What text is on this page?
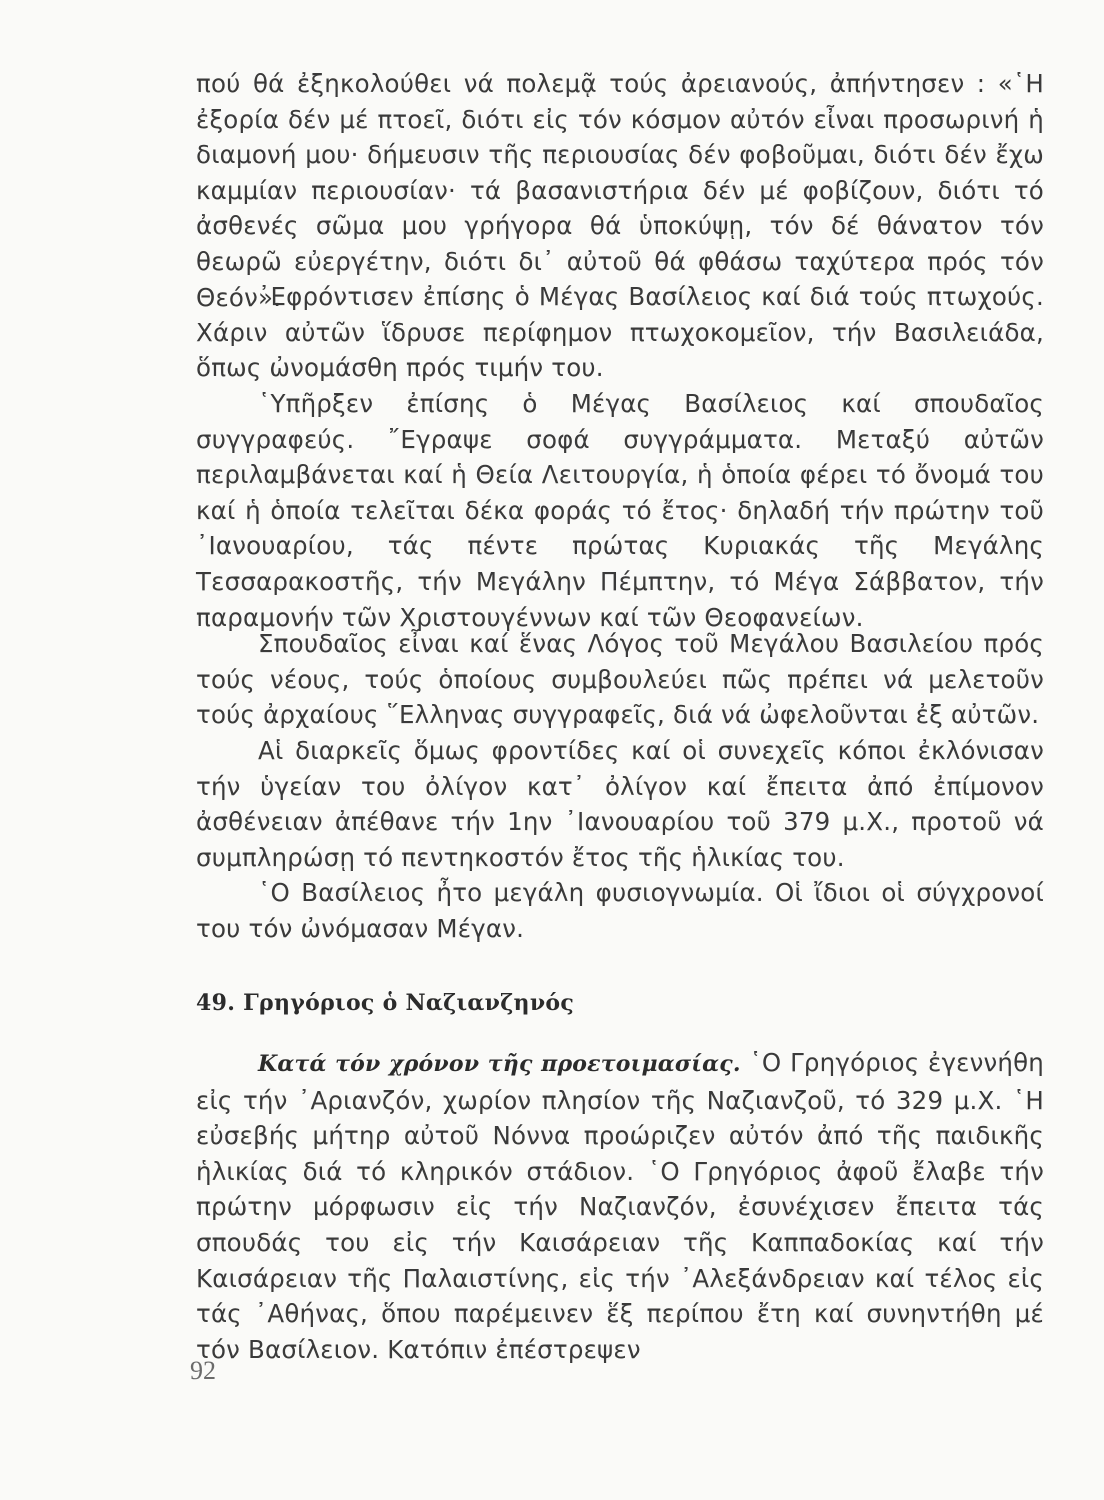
πού θά ἐξηκολούθει νά πολεμᾷ τούς ἀρειανούς, ἀπήντησεν : «῾Η ἐξορία δέν μέ πτοεῖ, διότι εἰς τόν κόσμον αὐτόν εἶναι προσωρινή ἡ διαμονή μου· δήμευσιν τῆς περιουσίας δέν φοβοῦμαι, διότι δέν ἔχω καμμίαν περιουσίαν· τά βασανιστήρια δέν μέ φοβίζουν, διότι τό ἀσθενές σῶμα μου γρήγορα θά ὑποκύψῃ, τόν δέ θάνατον τόν θεωρῶ εὐεργέτην, διότι δι᾿ αὐτοῦ θά φθάσω ταχύτερα πρός τόν Θεόν».

᾿Εφρόντισεν ἐπίσης ὁ Μέγας Βασίλειος καί διά τούς πτωχούς. Χάριν αὐτῶν ἵδρυσε περίφημον πτωχοκομεῖον, τήν Βασιλειάδα, ὅπως ὠνομάσθη πρός τιμήν του.

῾Υπῆρξεν ἐπίσης ὁ Μέγας Βασίλειος καί σπουδαῖος συγγραφεύς. ῎Εγραψε σοφά συγγράμματα. Μεταξύ αὐτῶν περιλαμβάνεται καί ἡ Θεία Λειτουργία, ἡ ὁποία φέρει τό ὄνομά του καί ἡ ὁποία τελεῖται δέκα φοράς τό ἔτος· δηλαδή τήν πρώτην τοῦ ᾿Ιανουαρίου, τάς πέντε πρώτας Κυριακάς τῆς Μεγάλης Τεσσαρακοστῆς, τήν Μεγάλην Πέμπτην, τό Μέγα Σάββατον, τήν παραμονήν τῶν Χριστουγέννων καί τῶν Θεοφανείων.

Σπουδαῖος εἶναι καί ἕνας Λόγος τοῦ Μεγάλου Βασιλείου πρός τούς νέους, τούς ὁποίους συμβουλεύει πῶς πρέπει νά μελετοῦν τούς ἀρχαίους ῞Ελληνας συγγραφεῖς, διά νά ὠφελοῦνται ἐξ αὐτῶν.

Αἱ διαρκεῖς ὅμως φροντίδες καί οἱ συνεχεῖς κόποι ἐκλόνισαν τήν ὑγείαν του ὀλίγον κατ᾿ ὀλίγον καί ἔπειτα ἀπό ἐπίμονον ἀσθένειαν ἀπέθανε τήν 1ην ᾿Ιανουαρίου τοῦ 379 μ.Χ., προτοῦ νά συμπληρώσῃ τό πεντηκοστόν ἔτος τῆς ἡλικίας του.

῾Ο Βασίλειος ἦτο μεγάλη φυσιογνωμία. Οἱ ἴδιοι οἱ σύγχρονοί του τόν ὠνόμασαν Μέγαν.

49. Γρηγόριος ὁ Ναζιανζηνός

Κατά τόν χρόνον τῆς προετοιμασίας. ῾Ο Γρηγόριος ἐγεννήθη εἰς τήν ᾿Αριανζόν, χωρίον πλησίον τῆς Ναζιανζοῦ, τό 329 μ.Χ. ῾Η εὐσεβής μήτηρ αὐτοῦ Νόννα προώριζεν αὐτόν ἀπό τῆς παιδικῆς ἡλικίας διά τό κληρικόν στάδιον. ῾Ο Γρηγόριος ἀφοῦ ἔλαβε τήν πρώτην μόρφωσιν εἰς τήν Ναζιανζόν, ἐσυνέχισεν ἔπειτα τάς σπουδάς του εἰς τήν Καισάρειαν τῆς Καππαδοκίας καί τήν Καισάρειαν τῆς Παλαιστίνης, εἰς τήν ᾿Αλεξάνδρειαν καί τέλος εἰς τάς ᾿Αθήνας, ὅπου παρέμεινεν ἕξ περίπου ἔτη καί συνηντήθη μέ τόν Βασίλειον. Κατόπιν ἐπέστρεψεν

92
